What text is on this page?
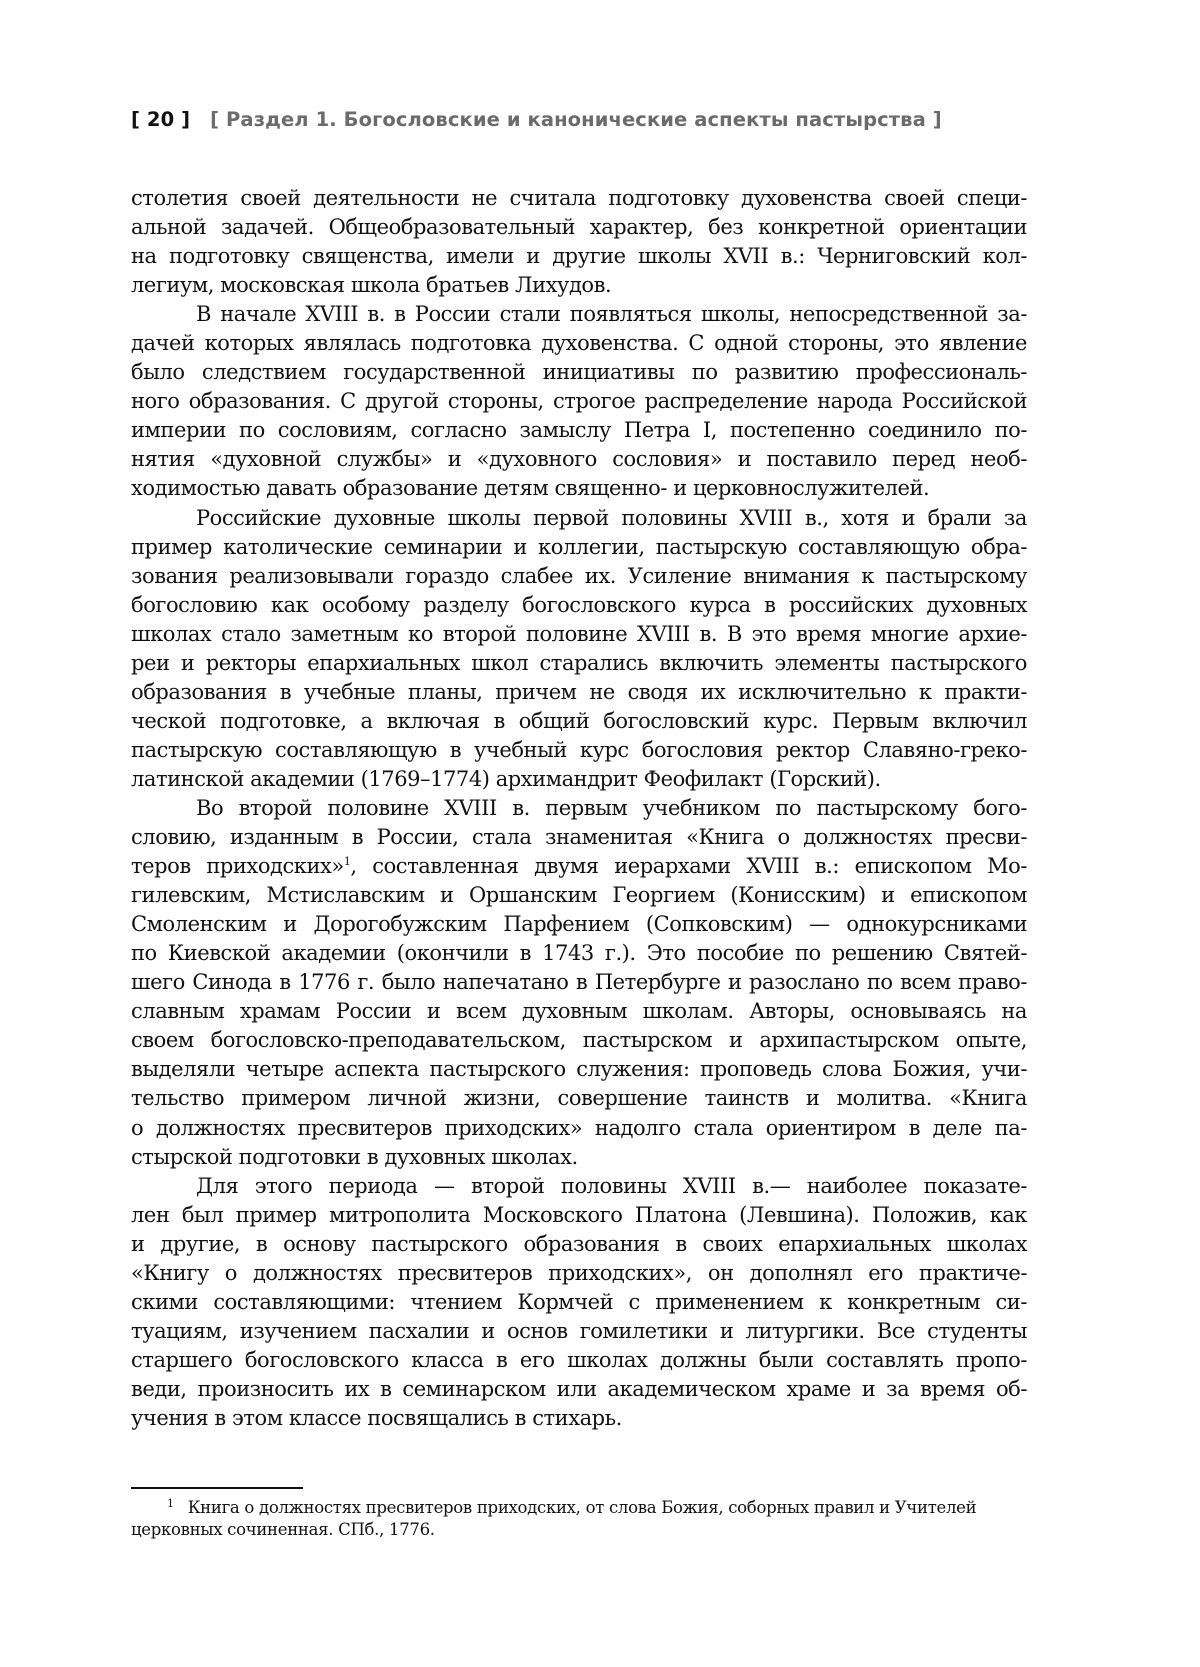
[ 20 ] [ Раздел 1. Богословские и канонические аспекты пастырства ]
столетия своей деятельности не считала подготовку духовенства своей специ-
альной задачей. Общеобразовательный характер, без конкретной ориентации
на подготовку священства, имели и другие школы XVII в.: Черниговский кол-
легиум, московская школа братьев Лихудов.
В начале XVIII в. в России стали появляться школы, непосредственной за-
дачей которых являлась подготовка духовенства. С одной стороны, это явление
было следствием государственной инициативы по развитию профессиональ-
ного образования. С другой стороны, строгое распределение народа Российской
империи по сословиям, согласно замыслу Петра I, постепенно соединило по-
нятия «духовной службы» и «духовного сословия» и поставило перед необ-
ходимостью давать образование детям священно- и церковнослужителей.
Российские духовные школы первой половины XVIII в., хотя и брали за
пример католические семинарии и коллегии, пастырскую составляющую обра-
зования реализовывали гораздо слабее их. Усиление внимания к пастырскому
богословию как особому разделу богословского курса в российских духовных
школах стало заметным ко второй половине XVIII в. В это время многие архие-
реи и ректоры епархиальных школ старались включить элементы пастырского
образования в учебные планы, причем не сводя их исключительно к практи-
ческой подготовке, а включая в общий богословский курс. Первым включил
пастырскую составляющую в учебный курс богословия ректор Славяно-греко-
латинской академии (1769–1774) архимандрит Феофилакт (Горский).
Во второй половине XVIII в. первым учебником по пастырскому бого-
словию, изданным в России, стала знаменитая «Книга о должностях пресви-
теров приходских»1, составленная двумя иерархами XVIII в.: епископом Мо-
гилевским, Мстиславским и Оршанским Георгием (Конисским) и епископом
Смоленским и Дорогобужским Парфением (Сопковским) — однокурсниками
по Киевской академии (окончили в 1743 г.). Это пособие по решению Святей-
шего Синода в 1776 г. было напечатано в Петербурге и разослано по всем право-
славным храмам России и всем духовным школам. Авторы, основываясь на
своем богословско-преподавательском, пастырском и архипастырском опыте,
выделяли четыре аспекта пастырского служения: проповедь слова Божия, учи-
тельство примером личной жизни, совершение таинств и молитва. «Книга
о должностях пресвитеров приходских» надолго стала ориентиром в деле па-
стырской подготовки в духовных школах.
Для этого периода — второй половины XVIII в.— наиболее показате-
лен был пример митрополита Московского Платона (Левшина). Положив, как
и другие, в основу пастырского образования в своих епархиальных школах
«Книгу о должностях пресвитеров приходских», он дополнял его практиче-
скими составляющими: чтением Кормчей с применением к конкретным си-
туациям, изучением пасхалии и основ гомилетики и литургики. Все студенты
старшего богословского класса в его школах должны были составлять пропо-
веди, произносить их в семинарском или академическом храме и за время об-
учения в этом классе посвящались в стихарь.
1 Книга о должностях пресвитеров приходских, от слова Божия, соборных правил и Учителей
церковных сочиненная. СПб., 1776.
